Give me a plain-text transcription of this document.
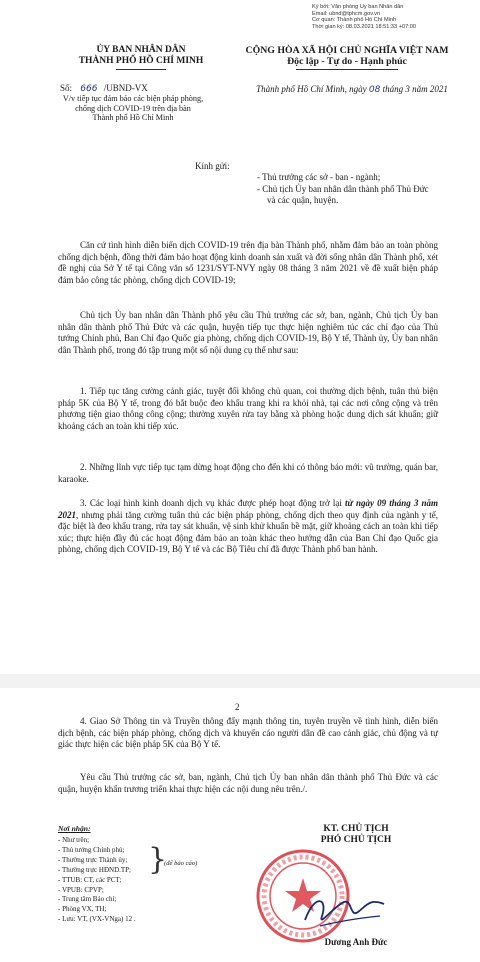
Ký bởi: Văn phòng Ủy ban Nhân dân
Email: ubnd@tphcm.gov.vn
Cơ quan: Thành phố Hồ Chí Minh
Thời gian ký: 08.03.2021 18:51:33 +07:00
ỦY BAN NHÂN DÂN
THÀNH PHỐ HỒ CHÍ MINH
CỘNG HÒA XÃ HỘI CHỦ NGHĨA VIỆT NAM
Độc lập - Tự do - Hạnh phúc
Số: 666 /UBND-VX
V/v tiếp tục đảm bảo các biện pháp phòng,
chống dịch COVID-19 trên địa bàn
Thành phố Hồ Chí Minh
Thành phố Hồ Chí Minh, ngày 08 tháng 3 năm 2021
Kính gửi:
- Thủ trưởng các sở - ban - ngành;
- Chủ tịch Ủy ban nhân dân thành phố Thủ Đức
và các quận, huyện.

Căn cứ tình hình diễn biến dịch COVID-19 trên địa bàn Thành phố, nhằm đảm bảo an toàn phòng chống dịch bệnh, đồng thời đảm bảo hoạt động kinh doanh sản xuất và đời sống nhân dân Thành phố, xét đề nghị của Sở Y tế tại Công văn số 1231/SYT-NVY ngày 08 tháng 3 năm 2021 về đề xuất biện pháp đảm bảo công tác phòng, chống dịch COVID-19;

Chủ tịch Ủy ban nhân dân Thành phố yêu cầu Thủ trưởng các sở, ban, ngành, Chủ tịch Ủy ban nhân dân thành phố Thủ Đức và các quận, huyện tiếp tục thực hiện nghiêm túc các chỉ đạo của Thủ tướng Chính phủ, Ban Chỉ đạo Quốc gia phòng, chống dịch COVID-19, Bộ Y tế, Thành ủy, Ủy ban nhân dân Thành phố, trong đó tập trung một số nội dung cụ thể như sau:

1. Tiếp tục tăng cường cảnh giác, tuyệt đối không chủ quan, coi thường dịch bệnh, tuân thủ biện pháp 5K của Bộ Y tế, trong đó bắt buộc đeo khẩu trang khi ra khỏi nhà, tại các nơi công cộng và trên phương tiện giao thông công cộng; thường xuyên rửa tay bằng xà phòng hoặc dung dịch sát khuẩn; giữ khoảng cách an toàn khi tiếp xúc.

2. Những lĩnh vực tiếp tục tạm dừng hoạt động cho đến khi có thông báo mới: vũ trường, quán bar, karaoke.

3. Các loại hình kinh doanh dịch vụ khác được phép hoạt động trở lại từ ngày 09 tháng 3 năm 2021, nhưng phải tăng cường tuân thủ các biện pháp phòng, chống dịch theo quy định của ngành y tế, đặc biệt là đeo khẩu trang, rửa tay sát khuẩn, vệ sinh khử khuẩn bề mặt, giữ khoảng cách an toàn khi tiếp xúc; thực hiện đầy đủ các hoạt động đảm bảo an toàn khác theo hướng dẫn của Ban Chỉ đạo Quốc gia phòng, chống dịch COVID-19, Bộ Y tế và các Bộ Tiêu chí đã được Thành phố ban hành.

2

4. Giao Sở Thông tin và Truyền thông đẩy mạnh thông tin, tuyên truyền về tình hình, diễn biến dịch bệnh, các biện pháp phòng, chống dịch và khuyến cáo người dân đề cao cảnh giác, chủ động và tự giác thực hiện các biện pháp 5K của Bộ Y tế.

Yêu cầu Thủ trưởng các sở, ban, ngành, Chủ tịch Ủy ban nhân dân thành phố Thủ Đức và các quận, huyện khẩn trương triển khai thực hiện các nội dung nêu trên./.

Nơi nhận:
- Như trên;
- Thủ tướng Chính phủ;
- Thường trực Thành ủy;
- Thường trực HĐND.TP;
- TTUB: CT, các PCT;
- VPUB: CPVP;
- Trung tâm Báo chí;
- Phòng VX, TH;
- Lưu: VT, (VX-VNga) 12 .
}
(để báo cáo)
KT. CHỦ TỊCH
PHÓ CHỦ TỊCH
Dương Anh Đức
